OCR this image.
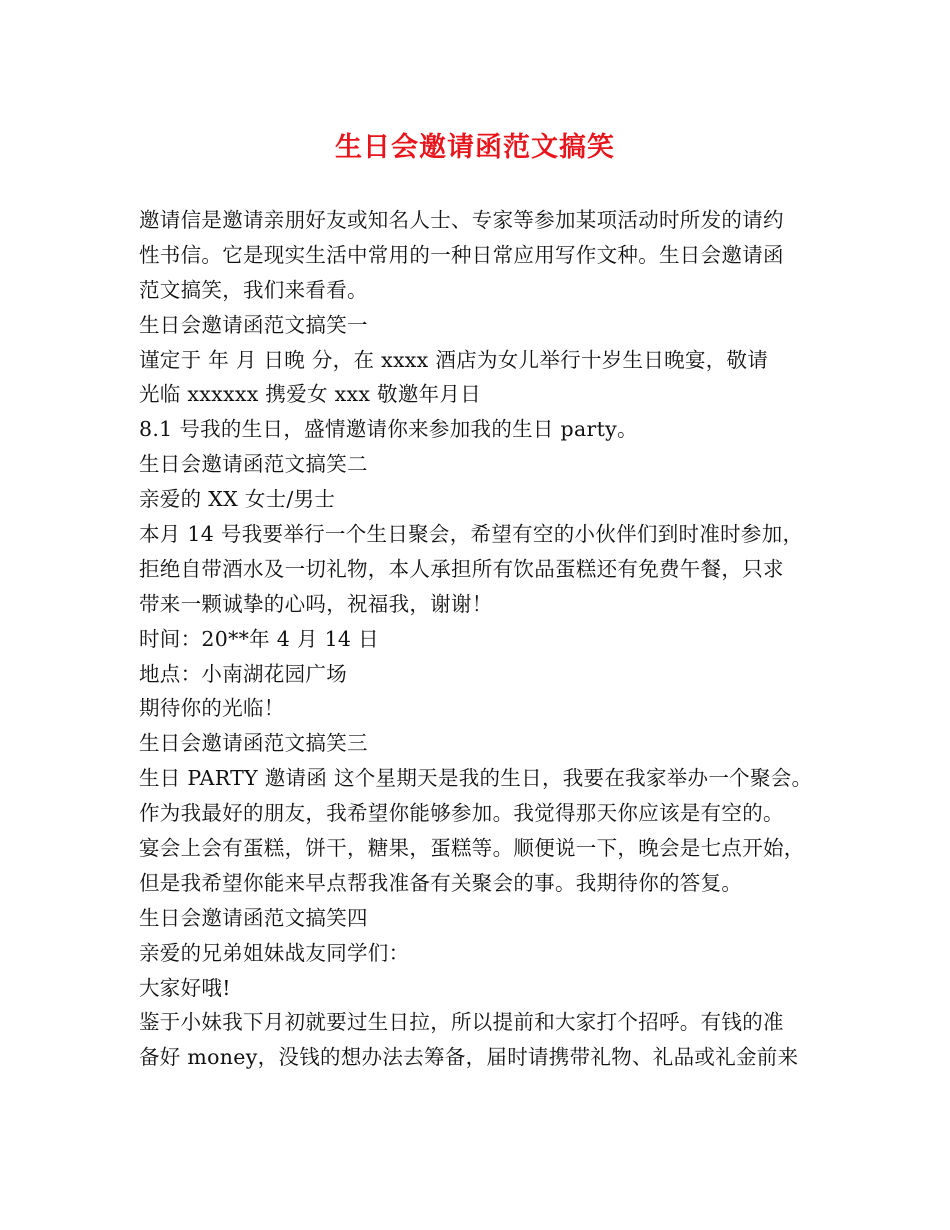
生日会邀请函范文搞笑
邀请信是邀请亲朋好友或知名人士、专家等参加某项活动时所发的请约
性书信。它是现实生活中常用的一种日常应用写作文种。生日会邀请函
范文搞笑，我们来看看。
生日会邀请函范文搞笑一
谨定于 年 月 日晚 分，在 xxxx 酒店为女儿举行十岁生日晚宴，敬请
光临 xxxxxx 携爱女 xxx 敬邀年月日
8.1 号我的生日，盛情邀请你来参加我的生日 party。
生日会邀请函范文搞笑二
亲爱的 XX 女士/男士
本月 14 号我要举行一个生日聚会，希望有空的小伙伴们到时准时参加，
拒绝自带酒水及一切礼物，本人承担所有饮品蛋糕还有免费午餐，只求
带来一颗诚挚的心吗，祝福我，谢谢！
时间：20**年 4 月 14 日
地点：小南湖花园广场
期待你的光临！
生日会邀请函范文搞笑三
生日 PARTY 邀请函 这个星期天是我的生日，我要在我家举办一个聚会。
作为我最好的朋友，我希望你能够参加。我觉得那天你应该是有空的。
宴会上会有蛋糕，饼干，糖果，蛋糕等。顺便说一下，晚会是七点开始，
但是我希望你能来早点帮我准备有关聚会的事。我期待你的答复。
生日会邀请函范文搞笑四
亲爱的兄弟姐妹战友同学们：
大家好哦!
鉴于小妹我下月初就要过生日拉，所以提前和大家打个招呼。有钱的准
备好 money，没钱的想办法去筹备，届时请携带礼物、礼品或礼金前来
